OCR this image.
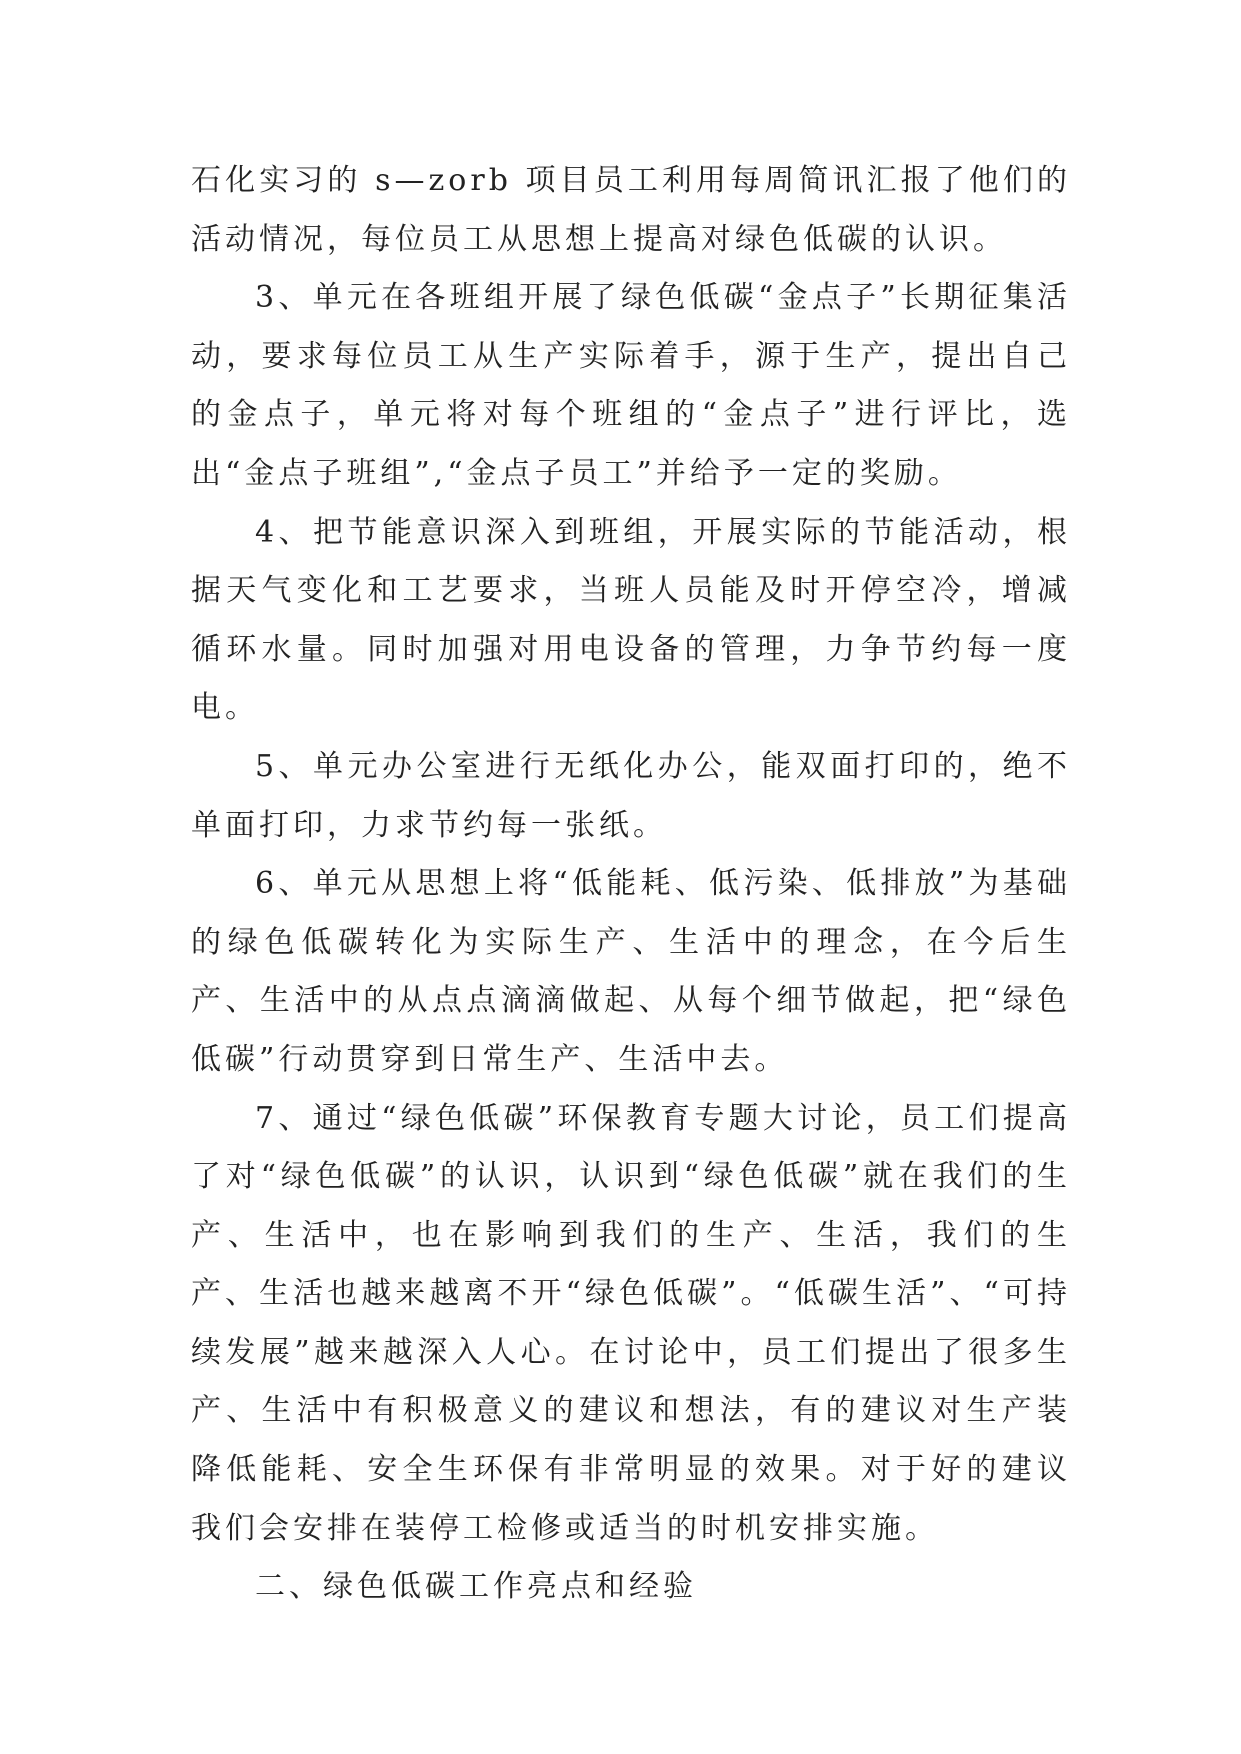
石化实习的 s—zorb 项目员工利用每周简讯汇报了他们的活动情况，每位员工从思想上提高对绿色低碳的认识。

3、单元在各班组开展了绿色低碳“金点子”长期征集活动，要求每位员工从生产实际着手，源于生产，提出自己的金点子，单元将对每个班组的“金点子”进行评比，选出“金点子班组”,“金点子员工”并给予一定的奖励。

4、把节能意识深入到班组，开展实际的节能活动，根据天气变化和工艺要求，当班人员能及时开停空冷，增减循环水量。同时加强对用电设备的管理，力争节约每一度电。

5、单元办公室进行无纸化办公，能双面打印的，绝不单面打印，力求节约每一张纸。

6、单元从思想上将“低能耗、低污染、低排放”为基础的绿色低碳转化为实际生产、生活中的理念，在今后生产、生活中的从点点滴滴做起、从每个细节做起，把“绿色低碳”行动贯穿到日常生产、生活中去。

7、通过“绿色低碳”环保教育专题大讨论，员工们提高了对“绿色低碳”的认识，认识到“绿色低碳”就在我们的生产、生活中，也在影响到我们的生产、生活，我们的生产、生活也越来越离不开“绿色低碳”。“低碳生活”、“可持续发展”越来越深入人心。在讨论中，员工们提出了很多生产、生活中有积极意义的建议和想法，有的建议对生产装降低能耗、安全生环保有非常明显的效果。对于好的建议我们会安排在装停工检修或适当的时机安排实施。

二、绿色低碳工作亮点和经验
